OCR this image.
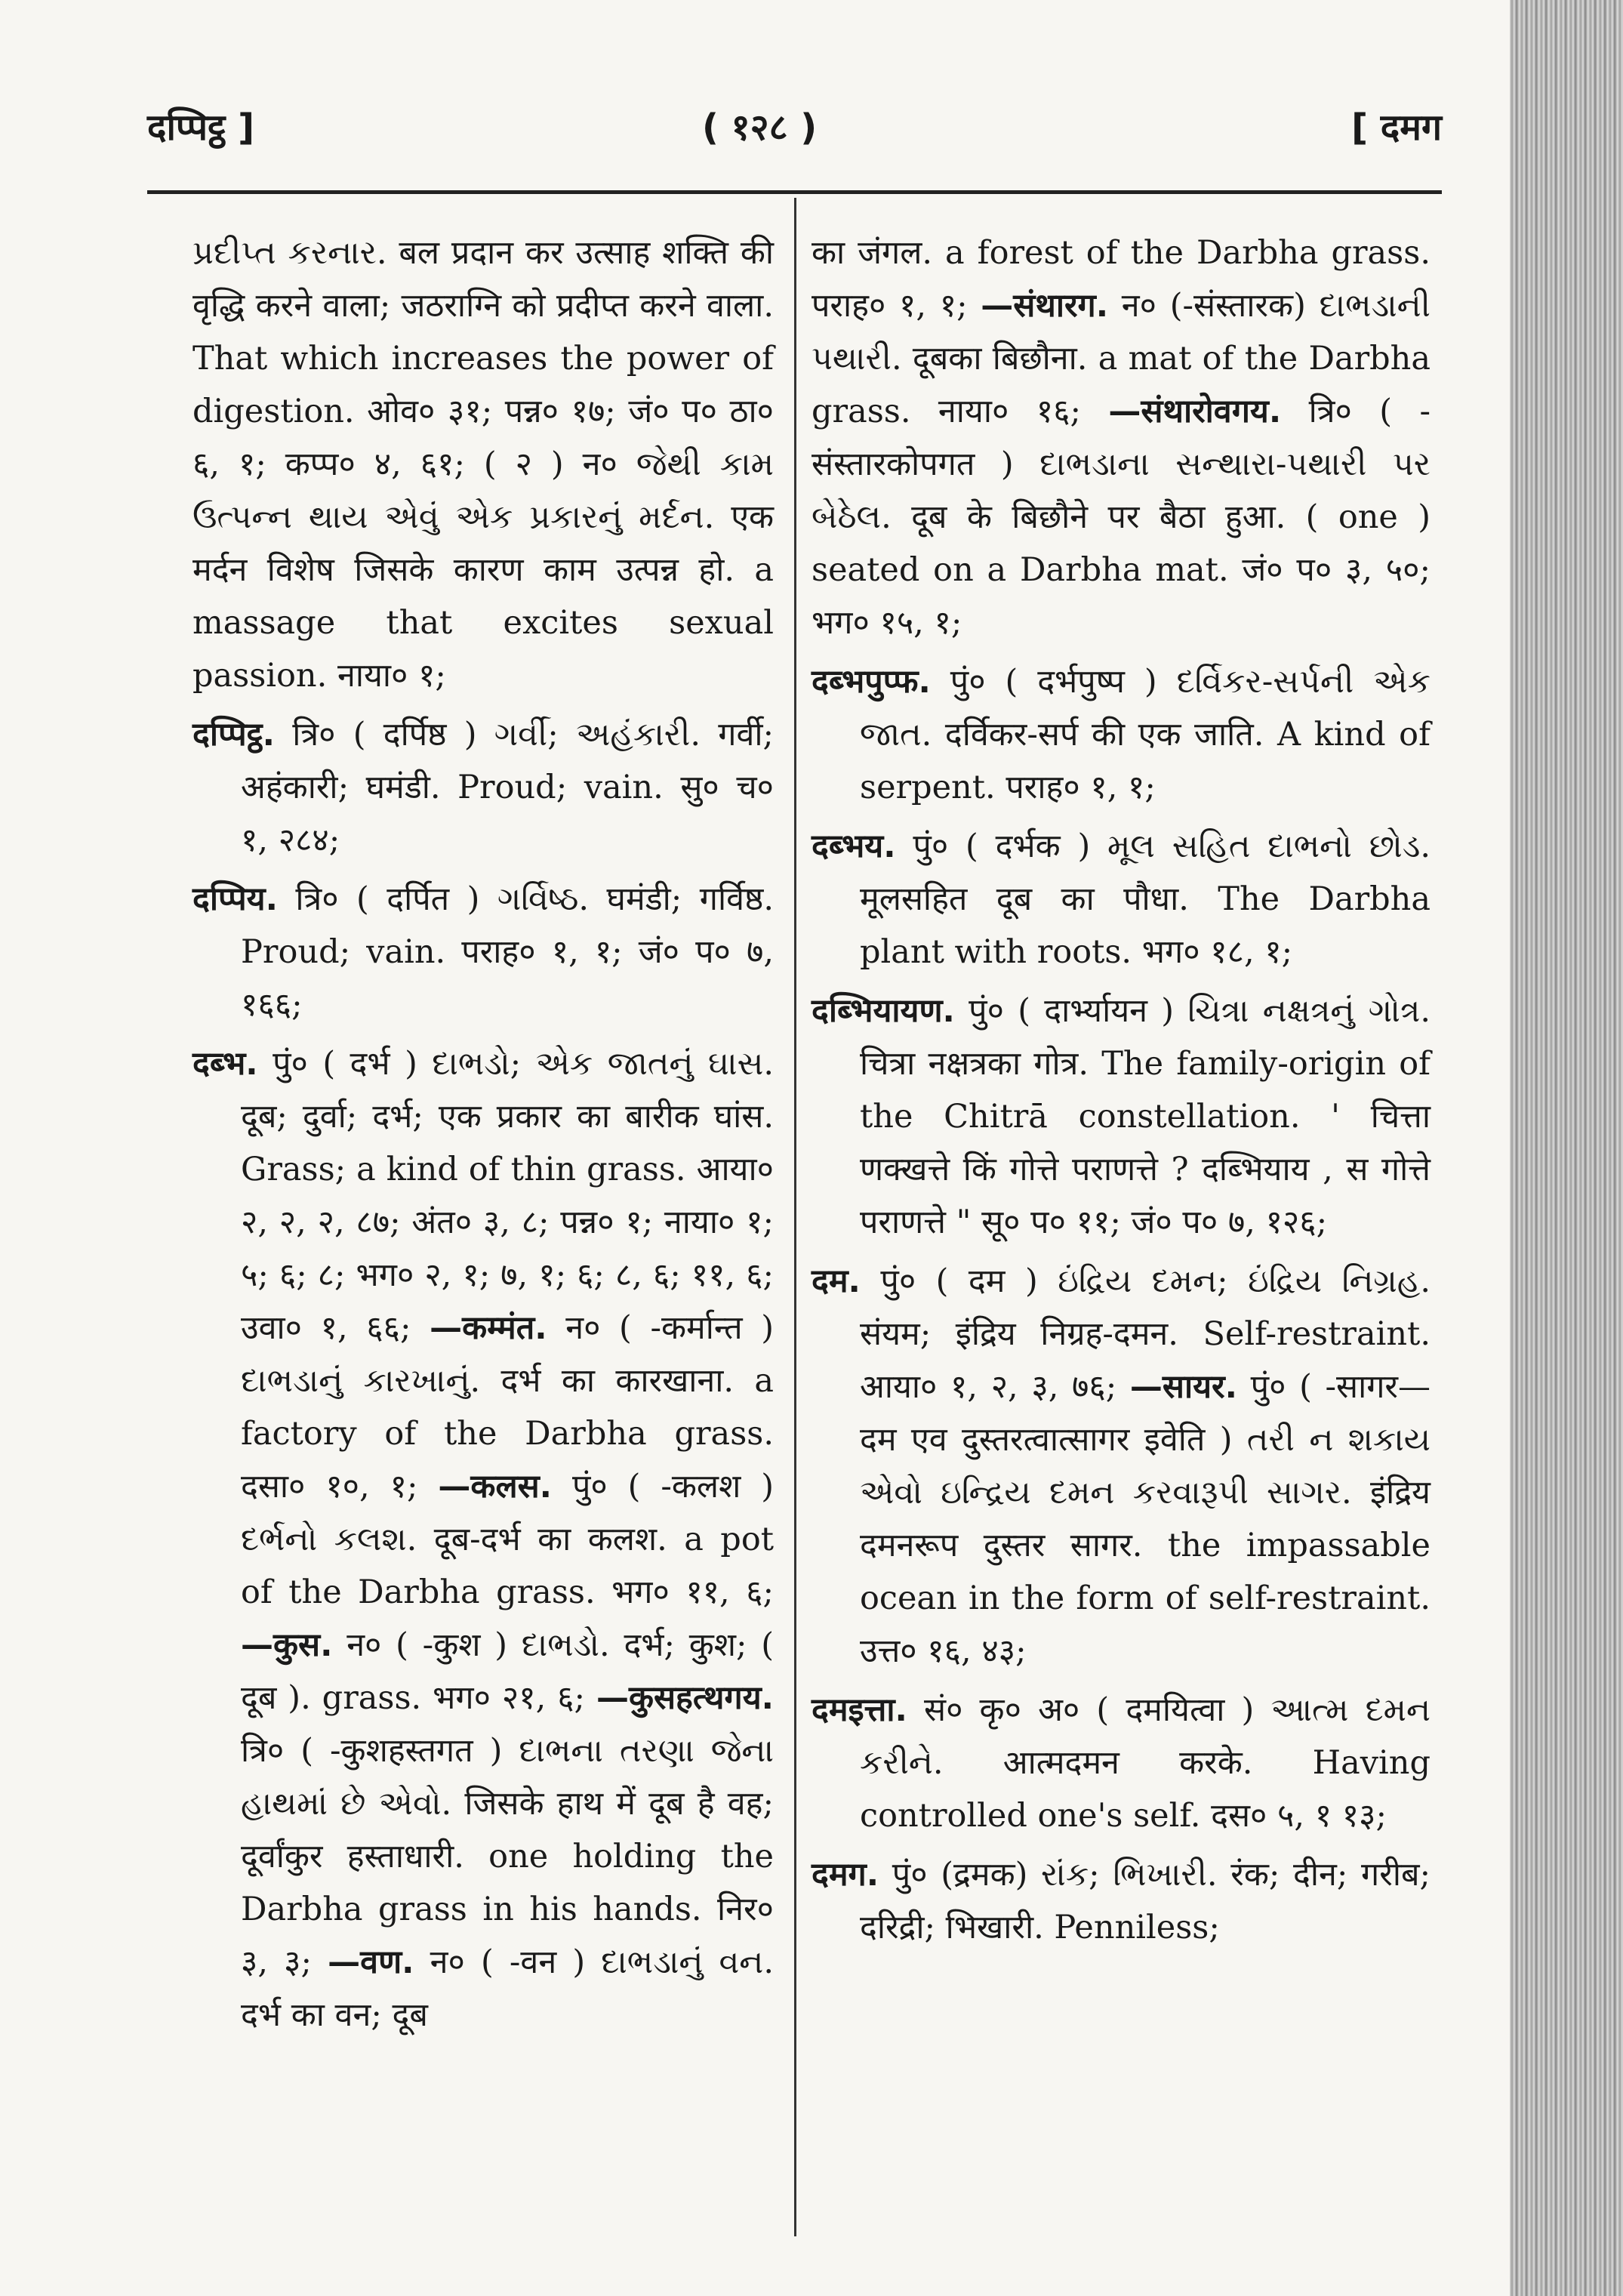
दप्पिट्ठ ]	( १२८ )	[ दमग

પ્રદીપ્ત કરનાર. बल प्रदान कर उत्साह शक्ति की वृद्धि करने वाला; जठराग्नि को प्रदीप्त करने वाला. That which increases the power of digestion. ओव० ३१; पन्न० १७; जं० प० ठा० ६, १; कप्प० ४, ६१; ( २ ) न० જેથી કામ ઉત્પન્ન થાય એવું એક પ્રકારનું મર્દન. एक मर्दन विशेष जिसके कारण काम उत्पन्न हो. a massage that excites sexual passion. नाया० १;

दप्पिट्ठ. त्रि० ( दर्पिष्ठ ) ગર્વી; અહંકારી. गर्वी; अहंकारी; घमंडी. Proud; vain. सु० च० १, २८४;

दप्पिय. त्रि० ( दर्पित ) ગર્વિષ્ઠ. घमंडी; गर्विष्ठ. Proud; vain. पराह० १, १; जं० प० ७, १६६;

दब्भ. पुं० ( दर्भ ) દાભડો; એક જાતનું ઘાસ. दूब; दुर्वा; दर्भ; एक प्रकार का बारीक घांस. Grass; a kind of thin grass. आया० २, २, २, ८७; अंत० ३, ८; पन्न० १; नाया० १; ५; ६; ८; भग० २, १; ७, १; ६; ८, ६; ११, ६; उवा० १, ६६; —कम्मंत. न० ( -कर्मान्त ) દાભડાનું કારખાનું. दर्भ का कारखाना. a factory of the Darbha grass. दसा० १०, १; —कलस. पुं० ( -कलश ) દર્ભનો કલશ. दूब-दर्भ का कलश. a pot of the Darbha grass. भग० ११, ६; —कुस. न० ( -कुश ) દાભડો. दर्भ; कुश; ( दूब ). grass. भग० २१, ६; —कुसहत्थगय. त्रि० ( -कुशहस्तगत ) દાભના તરણા જેના હાથમાં છે એવો. जिसके हाथ में दूब है वह; दूर्वांकुर हस्ताधारी. one holding the Darbha grass in his hands. निर० ३, ३; —वण. न० ( -वन ) દાભડાનું વન. दर्भ का वन; दूब

का जंगल. a forest of the Darbha grass. पराह० १, १; —संथारग. न० (-संस्तारक) દાભડાની પથારી. दूबका बिछौना. a mat of the Darbha grass. नाया० १६; —संथारोवगय. त्रि० ( -संस्तारकोपगत ) દાભડાના સન્થારા-પથારી પર બેઠેલ. दूब के बिछौने पर बैठा हुआ. ( one ) seated on a Darbha mat. जं० प० ३, ५०; भग० १५, १;

दब्भपुप्फ. पुं० ( दर्भपुष्प ) દર્વિકર-સર્પની એક જાત. दर्विकर-सर्प की एक जाति. A kind of serpent. पराह० १, १;

दब्भय. पुं० ( दर्भक ) મૂલ સહિત દાભનો છોડ. मूलसहित दूब का पौधा. The Darbha plant with roots. भग० १८, १;

दब्भियायण. पुं० ( दार्भ्यायन ) ચિત્રા નક્ષત્રનું ગોત્ર. चित्रा नक्षत्रका गोत्र. The family-origin of the Chitrā constellation. ' चित्ता णक्खत्ते किं गोत्ते पराणत्ते ? दब्भियाय , स गोत्ते पराणत्ते " सू० प० ११; जं० प० ७, १२६;

दम. पुं० ( दम ) ઇંદ્રિય દમન; ઇંદ્રિય નિગ્રહ. संयम; इंद्रिय निग्रह-दमन. Self-restraint. आया० १, २, ३, ७६; —सायर. पुं० ( -सागर—दम एव दुस्तरत्वात्सागर इवेति ) તરી ન શકાય એવો ઇન્દ્રિય દમન કરવારૂપી સાગર. इंद्रिय दमनरूप दुस्तर सागर. the impassable ocean in the form of self-restraint. उत्त० १६, ४३;

दमइत्ता. सं० कृ० अ० ( दमयित्वा ) આત્મ દમન કરીને. आत्मदमन करके. Having controlled one's self. दस० ५, १ १३;

दमग. पुं० (द्रमक) રાંક; ભિખારી. रंक; दीन; गरीब; दरिद्री; भिखारी. Penniless;
